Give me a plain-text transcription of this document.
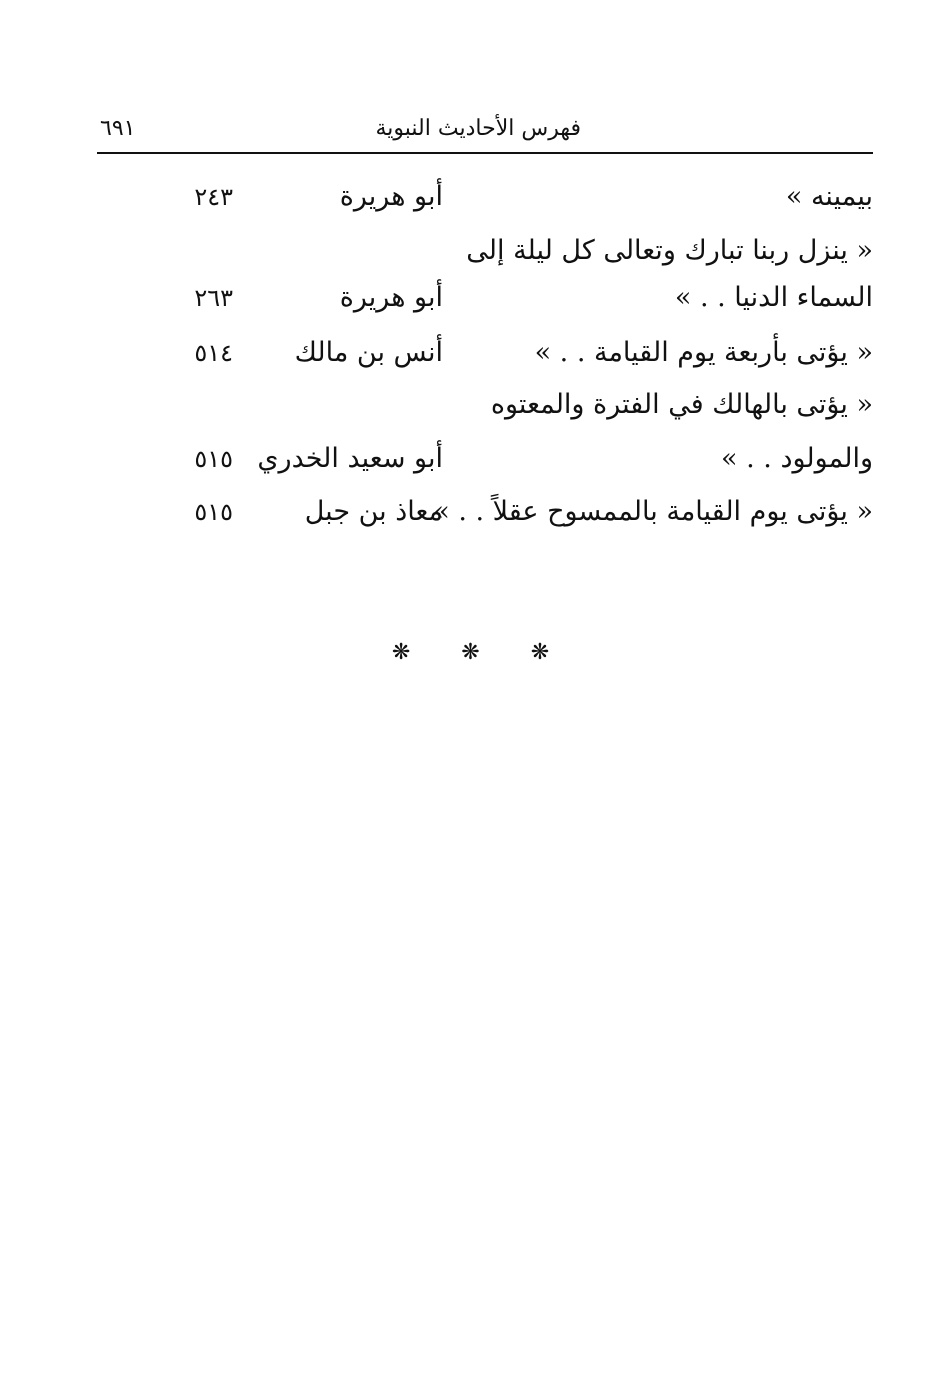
فهرس الأحاديث النبوية
٦٩١
بيمينه »
أبو هريرة
٢٤٣
« ينزل ربنا تبارك وتعالى كل ليلة إلى
السماء الدنيا . . »
أبو هريرة
٢٦٣
« يؤتى بأربعة يوم القيامة . . »
أنس بن مالك
٥١٤
« يؤتى بالهالك في الفترة والمعتوه
والمولود . . »
أبو سعيد الخدري
٥١٥
« يؤتى يوم القيامة بالممسوح عقلاً . . »
معاذ بن جبل
٥١٥
❋ ❋ ❋
